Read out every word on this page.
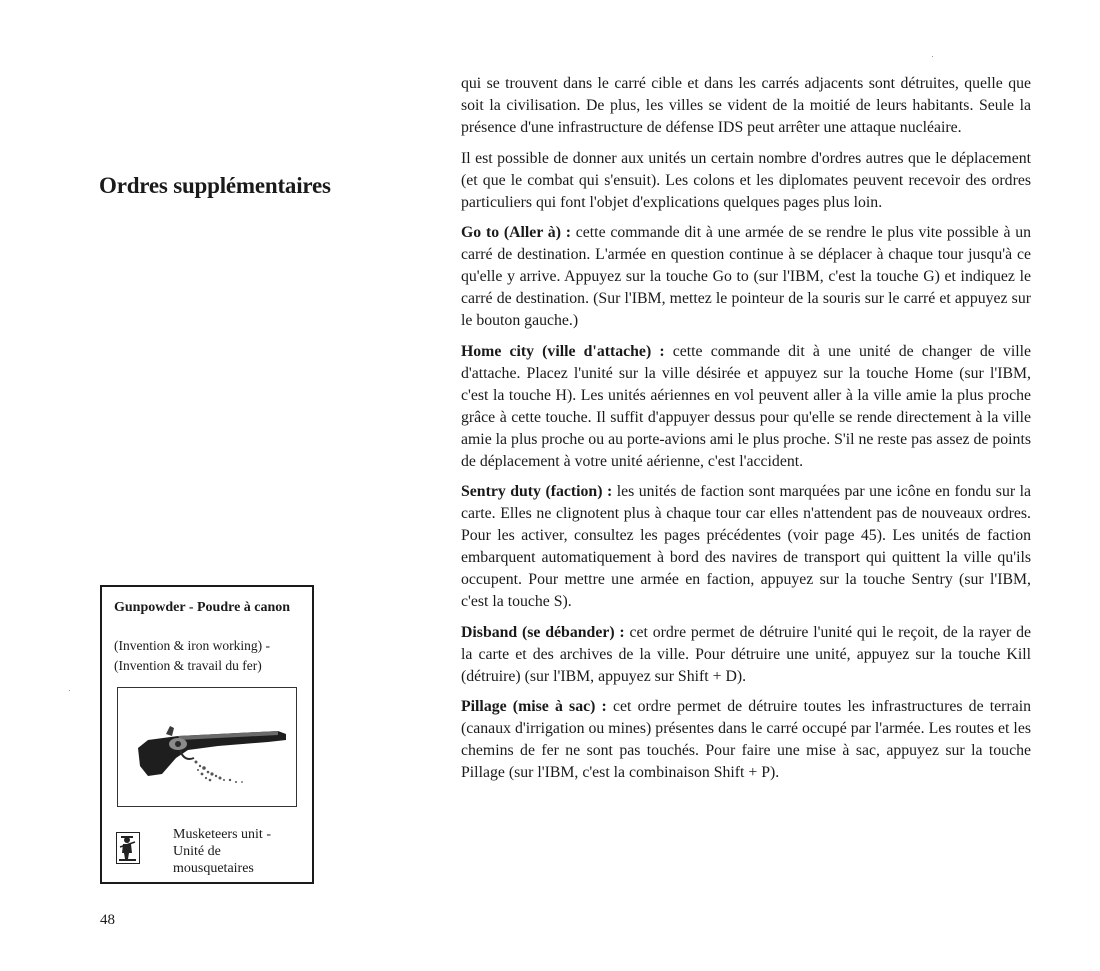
Ordres supplémentaires

qui se trouvent dans le carré cible et dans les carrés adjacents sont détruites, quelle que soit la civilisation. De plus, les villes se vident de la moitié de leurs habitants. Seule la présence d'une infrastructure de défense IDS peut arrêter une attaque nucléaire.

Il est possible de donner aux unités un certain nombre d'ordres autres que le déplacement (et que le combat qui s'ensuit). Les colons et les diplomates peuvent recevoir des ordres particuliers qui font l'objet d'explications quelques pages plus loin.

Go to (Aller à) : cette commande dit à une armée de se rendre le plus vite possible à un carré de destination. L'armée en question continue à se déplacer à chaque tour jusqu'à ce qu'elle y arrive. Appuyez sur la touche Go to (sur l'IBM, c'est la touche G) et indiquez le carré de destination. (Sur l'IBM, mettez le pointeur de la souris sur le carré et appuyez sur le bouton gauche.)

Home city (ville d'attache) : cette commande dit à une unité de changer de ville d'attache. Placez l'unité sur la ville désirée et appuyez sur la touche Home (sur l'IBM, c'est la touche H). Les unités aériennes en vol peuvent aller à la ville amie la plus proche grâce à cette touche. Il suffit d'appuyer dessus pour qu'elle se rende directement à la ville amie la plus proche ou au porte-avions ami le plus proche. S'il ne reste pas assez de points de déplacement à votre unité aérienne, c'est l'accident.

Sentry duty (faction) : les unités de faction sont marquées par une icône en fondu sur la carte. Elles ne clignotent plus à chaque tour car elles n'attendent pas de nouveaux ordres. Pour les activer, consultez les pages précédentes (voir page 45). Les unités de faction embarquent automatiquement à bord des navires de transport qui quittent la ville qu'ils occupent. Pour mettre une armée en faction, appuyez sur la touche Sentry (sur l'IBM, c'est la touche S).

Disband (se débander) : cet ordre permet de détruire l'unité qui le reçoit, de la rayer de la carte et des archives de la ville. Pour détruire une unité, appuyez sur la touche Kill (détruire) (sur l'IBM, appuyez sur Shift + D).

Pillage (mise à sac) : cet ordre permet de détruire toutes les infrastructures de terrain (canaux d'irrigation ou mines) présentes dans le carré occupé par l'armée. Les routes et les chemins de fer ne sont pas touchés. Pour faire une mise à sac, appuyez sur la touche Pillage (sur l'IBM, c'est la combinaison Shift + P).

Gunpowder - Poudre à canon
(Invention & iron working) -
(Invention & travail du fer)
Musketeers unit -
Unité de
mousquetaires
48
